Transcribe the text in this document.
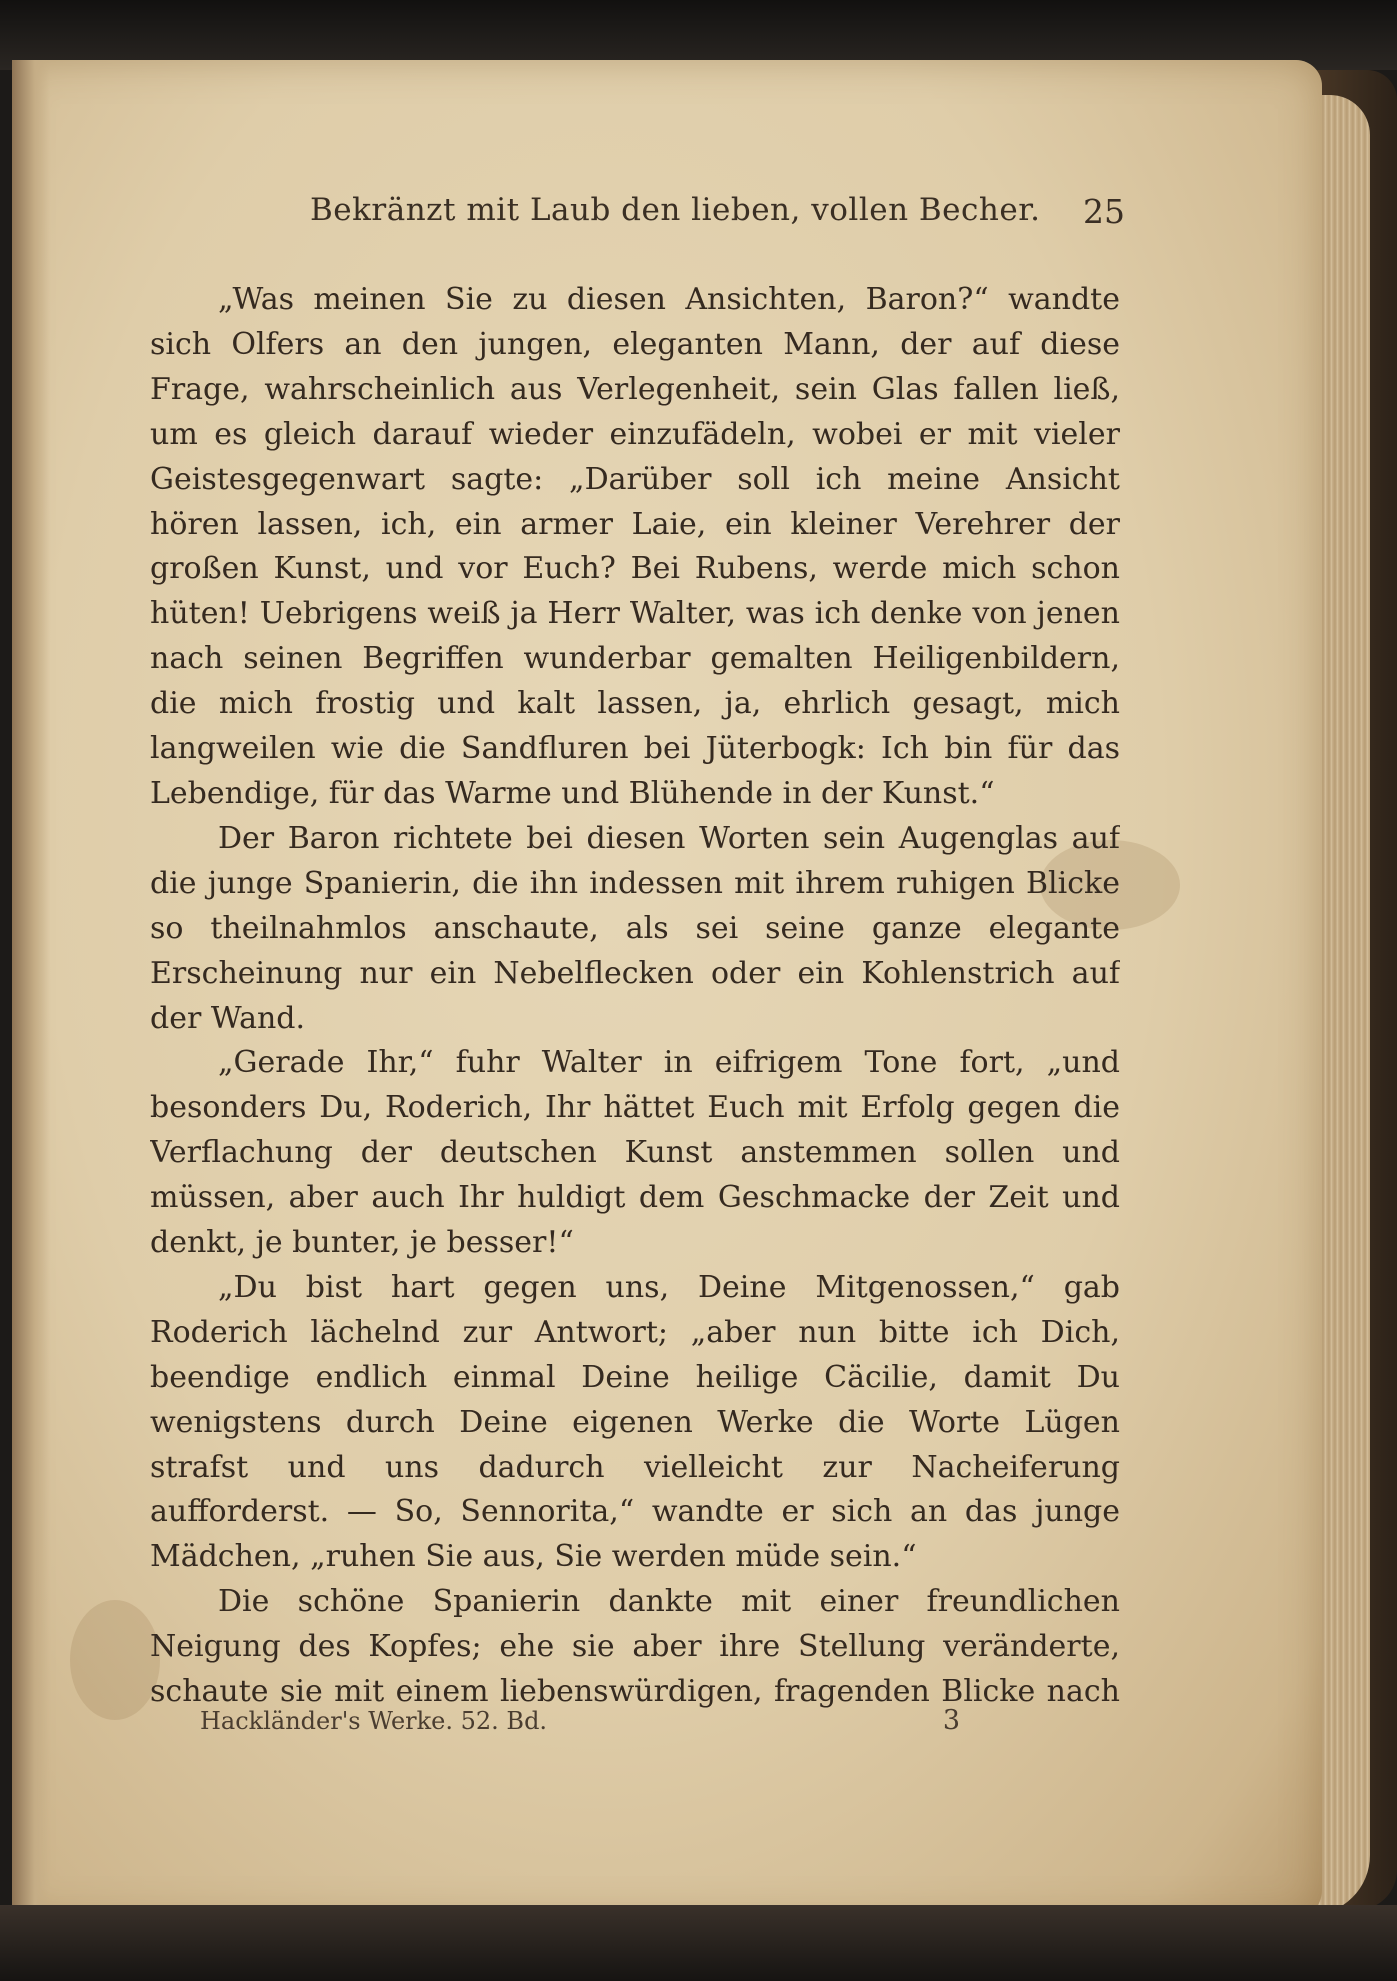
Bekränzt mit Laub den lieben, vollen Becher. 25

„Was meinen Sie zu diesen Ansichten, Baron?“ wandte sich Olfers an den jungen, eleganten Mann, der auf diese Frage, wahrscheinlich aus Verlegenheit, sein Glas fallen ließ, um es gleich darauf wieder einzufädeln, wobei er mit vieler Geistesgegenwart sagte: „Darüber soll ich meine Ansicht hören lassen, ich, ein armer Laie, ein kleiner Verehrer der großen Kunst, und vor Euch? Bei Rubens, werde mich schon hüten! Uebrigens weiß ja Herr Walter, was ich denke von jenen nach seinen Begriffen wunderbar gemalten Heiligenbildern, die mich frostig und kalt lassen, ja, ehrlich gesagt, mich langweilen wie die Sandfluren bei Jüterbogk: Ich bin für das Lebendige, für das Warme und Blühende in der Kunst.“

Der Baron richtete bei diesen Worten sein Augenglas auf die junge Spanierin, die ihn indessen mit ihrem ruhigen Blicke so theilnahmlos anschaute, als sei seine ganze elegante Erscheinung nur ein Nebelflecken oder ein Kohlenstrich auf der Wand.

„Gerade Ihr,“ fuhr Walter in eifrigem Tone fort, „und besonders Du, Roderich, Ihr hättet Euch mit Erfolg gegen die Verflachung der deutschen Kunst anstemmen sollen und müssen, aber auch Ihr huldigt dem Geschmacke der Zeit und denkt, je bunter, je besser!“

„Du bist hart gegen uns, Deine Mitgenossen,“ gab Roderich lächelnd zur Antwort; „aber nun bitte ich Dich, beendige endlich einmal Deine heilige Cäcilie, damit Du wenigstens durch Deine eigenen Werke die Worte Lügen strafst und uns dadurch vielleicht zur Nacheiferung aufforderst. — So, Sennorita,“ wandte er sich an das junge Mädchen, „ruhen Sie aus, Sie werden müde sein.“

Die schöne Spanierin dankte mit einer freundlichen Neigung des Kopfes; ehe sie aber ihre Stellung veränderte, schaute sie mit einem liebenswürdigen, fragenden Blicke nach

Hackländer's Werke. 52. Bd.	3
